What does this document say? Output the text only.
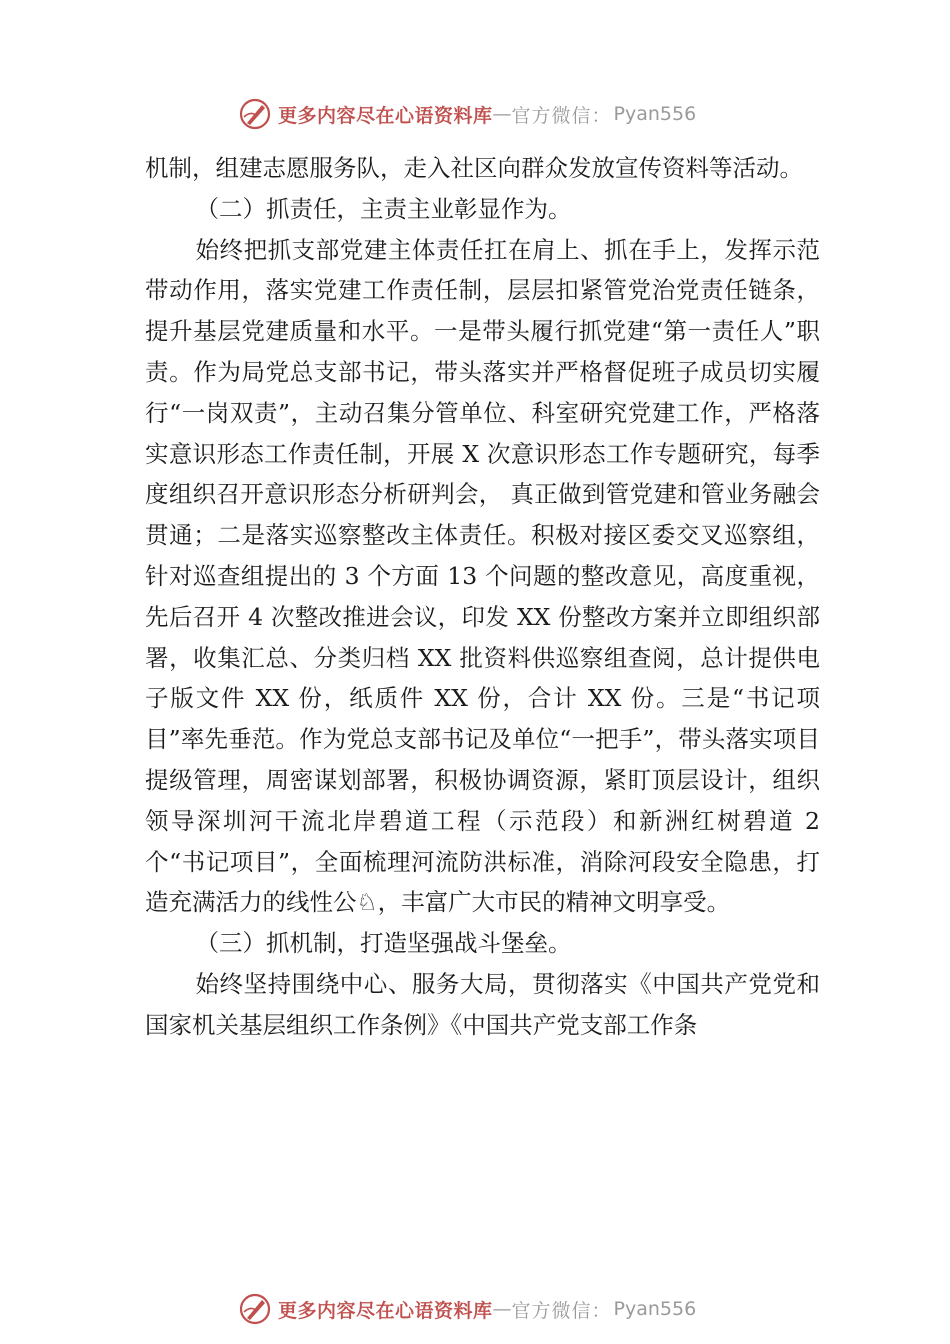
更多内容尽在心语资料库 — 官方微信： Pyan556

机制，组建志愿服务队，走入社区向群众发放宣传资料等活动。

（二）抓责任，主责主业彰显作为。

始终把抓支部党建主体责任扛在肩上、抓在手上，发挥示范带动作用，落实党建工作责任制，层层扣紧管党治党责任链条，提升基层党建质量和水平。一是带头履行抓党建“第一责任人”职责。作为局党总支部书记，带头落实并严格督促班子成员切实履行“一岗双责”，主动召集分管单位、科室研究党建工作，严格落实意识形态工作责任制，开展 X 次意识形态工作专题研究，每季度组织召开意识形态分析研判会， 真正做到管党建和管业务融会贯通；二是落实巡察整改主体责任。积极对接区委交叉巡察组，针对巡查组提出的 3 个方面 13 个问题的整改意见，高度重视，先后召开 4 次整改推进会议，印发 XX 份整改方案并立即组织部署，收集汇总、分类归档 XX 批资料供巡察组查阅，总计提供电子版文件 XX 份，纸质件 XX 份，合计 XX 份。三是“书记项目”率先垂范。作为党总支部书记及单位“一把手”，带头落实项目提级管理，周密谋划部署，积极协调资源，紧盯顶层设计，组织领导深圳河干流北岸碧道工程（示范段）和新洲红树碧道 2 个“书记项目”，全面梳理河流防洪标准，消除河段安全隐患，打造充满活力的线性公♘，丰富广大市民的精神文明享受。

（三）抓机制，打造坚强战斗堡垒。

始终坚持围绕中心、服务大局，贯彻落实《中国共产党党和国家机关基层组织工作条例》《中国共产党支部工作条

更多内容尽在心语资料库 — 官方微信： Pyan556
